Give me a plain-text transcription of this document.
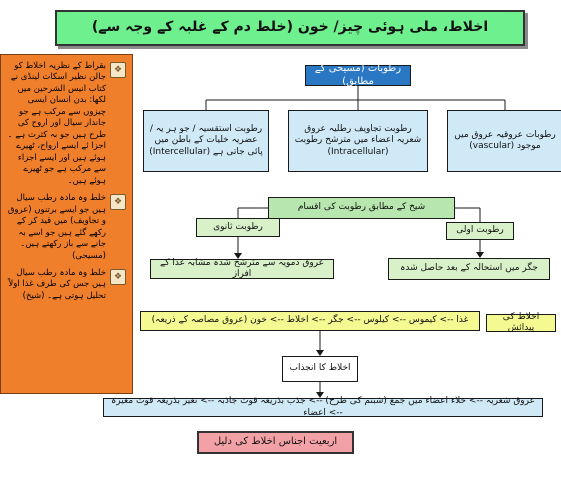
اخلاط، ملی ہوئی چیز/ خون (خلط دم کے غلبہ کے وجہ سے)
❖
بقراط کے نظریہ اخلاط کو جالن نظیر اسکات لینڈی نے کتاب انیس الشرحین میں لکھا: بدن انسان ایسی چیزوں سے مرکب ہے جو جاندار سیال اور اروح کی طرح ہیں جو بہ کثرت ہے ۔ اجزا ئے ایسے ارواح، ٹھیرے ہوئے ہیں اور ایسے اجزاء سے مرکب ہے جو ٹھیرے ہوئے ہیں۔
❖
خلط وہ مادہ رطب سیال ہیں جو ایسے برتنوں (عروق و تجاویف) میں قید کر کے رکھے گئے ہیں جو اسے بہ جانے سے باز رکھتے ہیں۔ (مسیحی)
❖
خلط وہ مادہ رطب سیال ہیں جس کی طرف غذا اولاً تحلیل ہوتی ہے۔ (شیخ)
رطوبات (مسیحی کے مطابق)
رطوبت استقسیہ / جو ہر یہ / عضریہ خلیات کے باطن میں پائی جاتی ہے (Intercellular)
رطوبت تجاویف رطلیہ عروق شعریہ اعضاء میں مترشح رطوبت (Intracellular)
رطوبات عروقیہ عروق میں موجود (vascular)
شیخ کے مطابق رطوبت کی اقسام
رطوبت ثانوی	رطوبت اولی
عروق دمویہ سے مترشح شدہ مشابہ غذا کے افراز
جگر میں استحالہ کے بعد حاصل شدہ
غذا --> کیموس --> کیلوس --> جگر --> اخلاط --> خون (عروق مصاصہ کے ذریعہ)	اخلاط کی پیدائش
اخلاط کا انجذاب
عروق شعریہ --> خلاء اعضاء میں جمع (شبنم کی طرح) --> جذب بذریعہ قوت جاذبہ --> تغیر بذریعہ قوت مغیرہ --> اعضاء
اربعیت اجناس اخلاط کی دلیل
